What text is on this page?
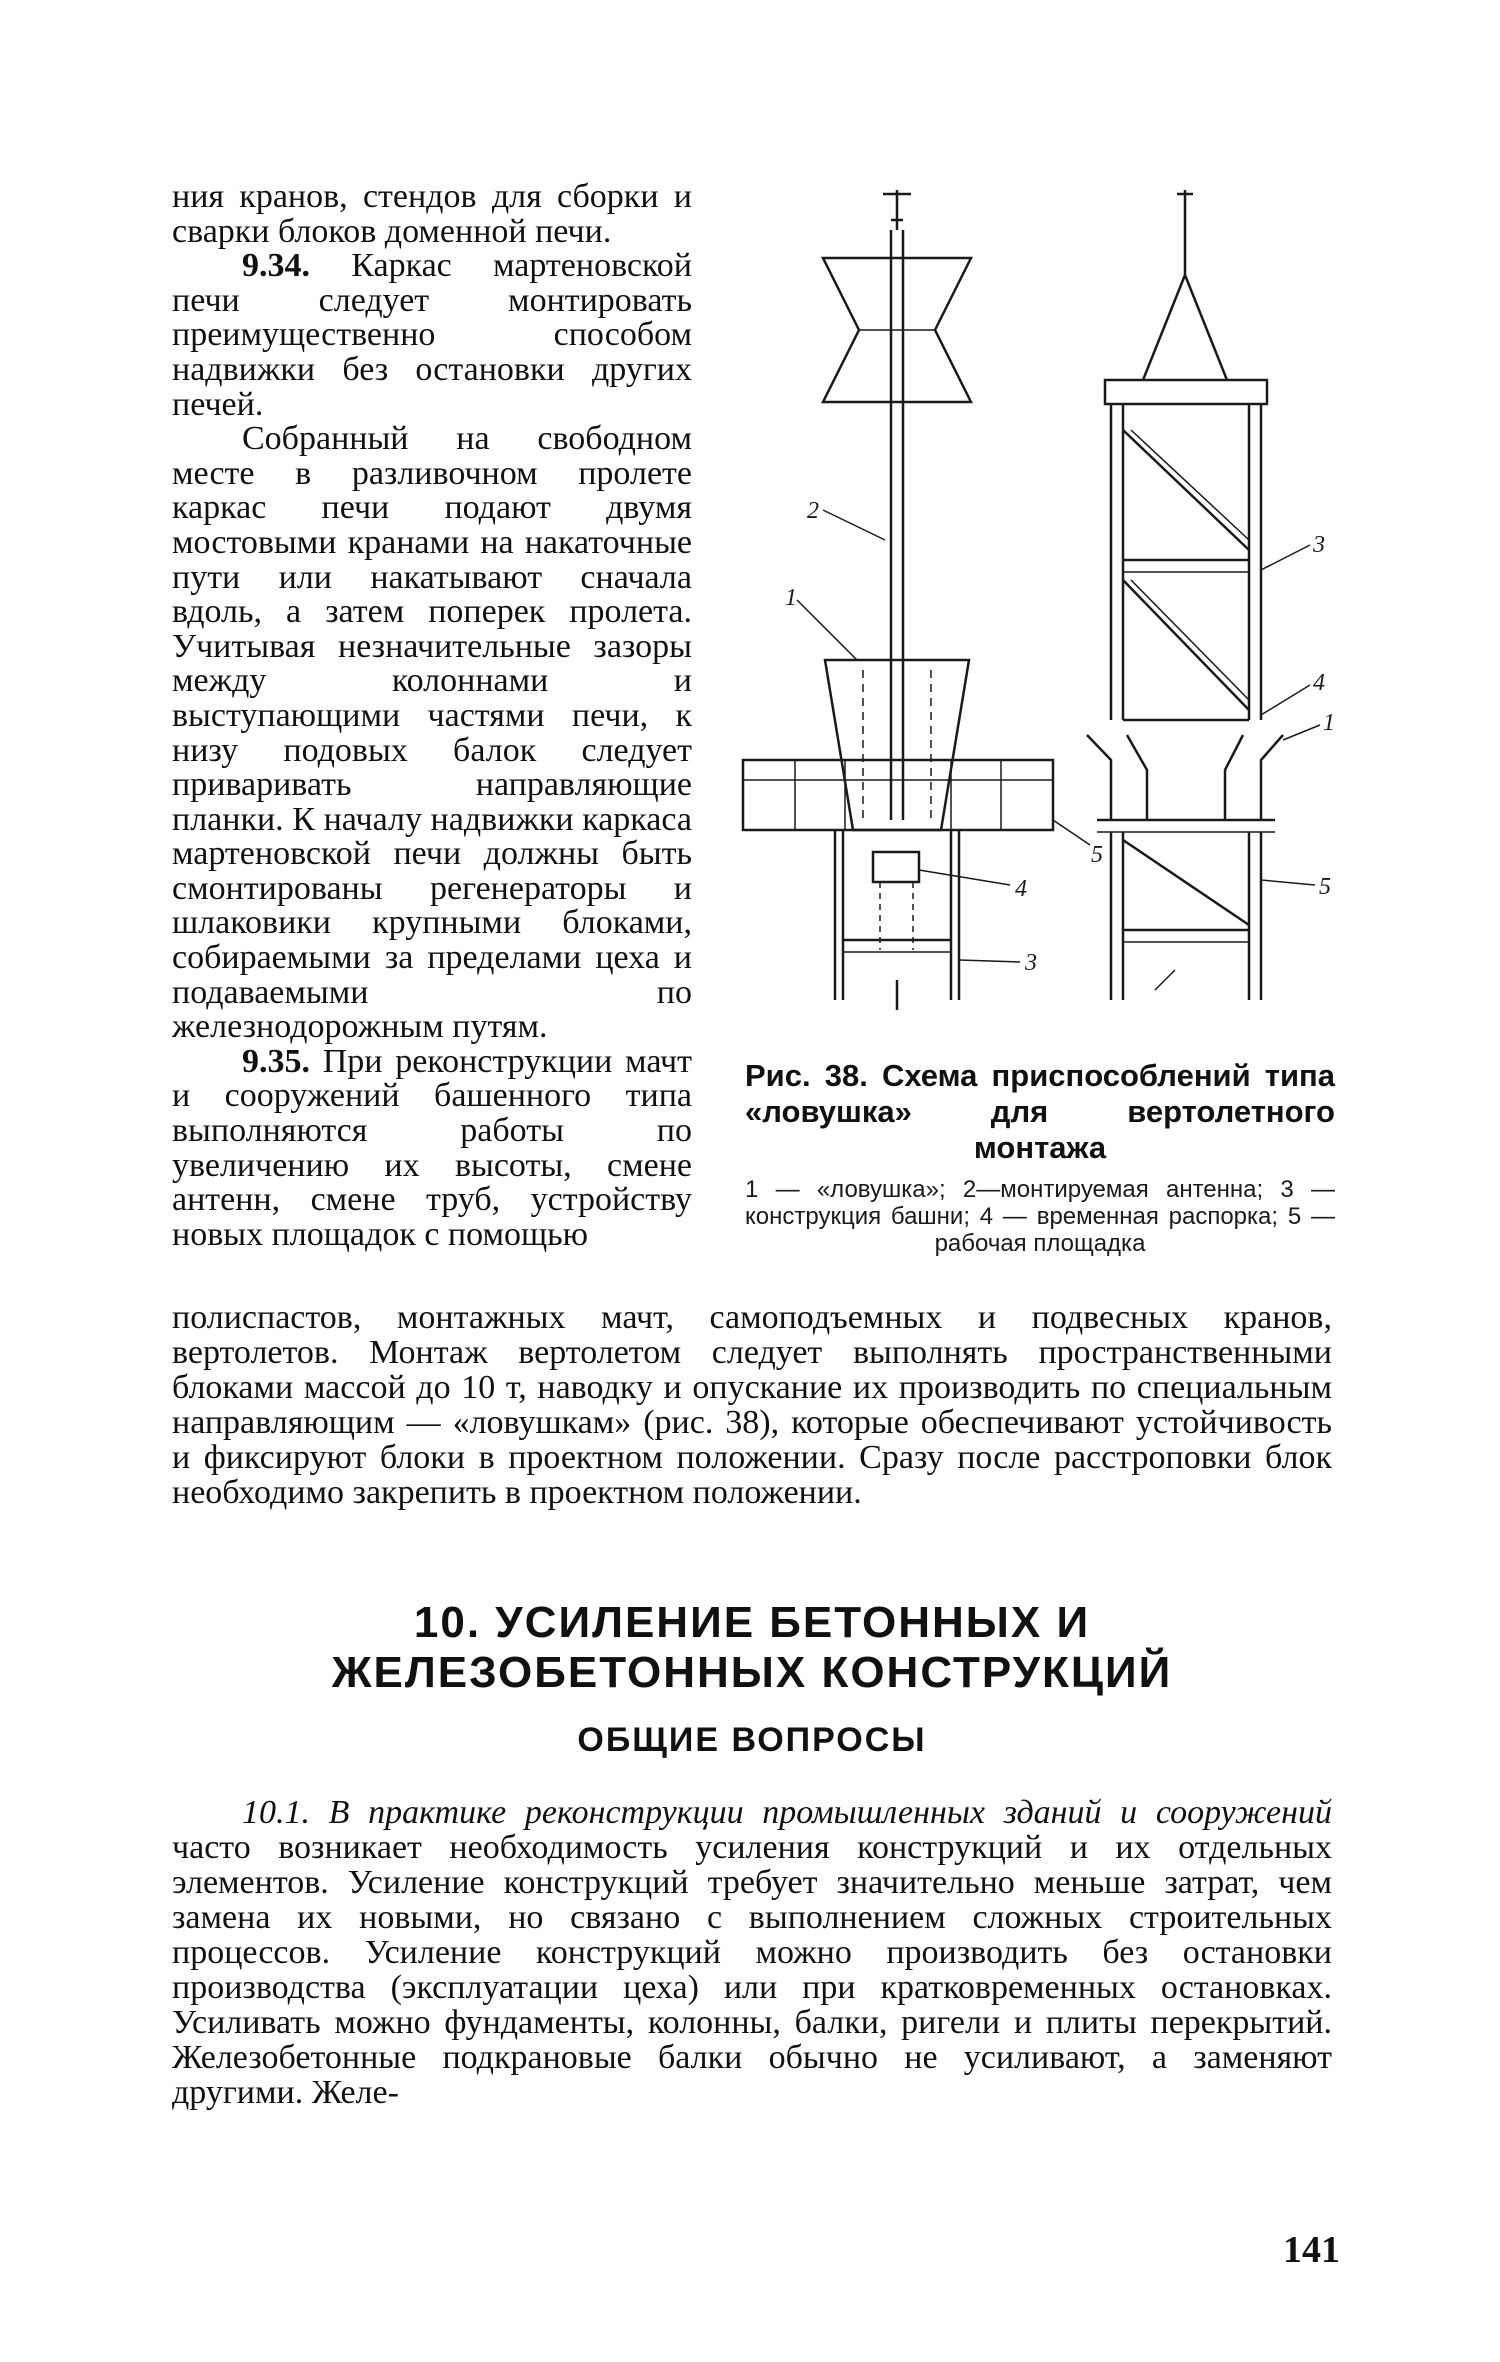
ния кранов, стендов для сборки и сварки блоков доменной печи.

9.34. Каркас мартеновской печи следует монтировать преимущественно способом надвижки без остановки других печей.

Собранный на свободном месте в разливочном пролете каркас печи подают двумя мостовыми кранами на накаточные пути или накатывают сначала вдоль, а затем поперек пролета. Учитывая незначительные зазоры между колоннами и выступающими частями печи, к низу подовых балок следует приваривать направляющие планки. К началу надвижки каркаса мартеновской печи должны быть смонтированы регенераторы и шлаковики крупными блоками, собираемыми за пределами цеха и подаваемыми по железнодорожным путям.

9.35. При реконструкции мачт и сооружений башенного типа выполняются работы по увеличению их высоты, смене антенн, смене труб, устройству новых площадок с помощью

2
1
5
4
3
3
4
1
5

Рис. 38. Схема приспособлений типа «ловушка» для вертолетного монтажа

1 — «ловушка»; 2—монтируемая антенна; 3 — конструкция башни; 4 — временная распорка; 5 — рабочая площадка

полиспастов, монтажных мачт, самоподъемных и подвесных кранов, вертолетов. Монтаж вертолетом следует выполнять пространственными блоками массой до 10 т, наводку и опускание их производить по специальным направляющим — «ловушкам» (рис. 38), которые обеспечивают устойчивость и фиксируют блоки в проектном положении. Сразу после расстроповки блок необходимо закрепить в проектном положении.

10. УСИЛЕНИЕ БЕТОННЫХ И ЖЕЛЕЗОБЕТОННЫХ КОНСТРУКЦИЙ
ОБЩИЕ ВОПРОСЫ

10.1. В практике реконструкции промышленных зданий и сооружений часто возникает необходимость усиления конструкций и их отдельных элементов. Усиление конструкций требует значительно меньше затрат, чем замена их новыми, но связано с выполнением сложных строительных процессов. Усиление конструкций можно производить без остановки производства (эксплуатации цеха) или при кратковременных остановках. Усиливать можно фундаменты, колонны, балки, ригели и плиты перекрытий. Железобетонные подкрановые балки обычно не усиливают, а заменяют другими. Желе-

141
